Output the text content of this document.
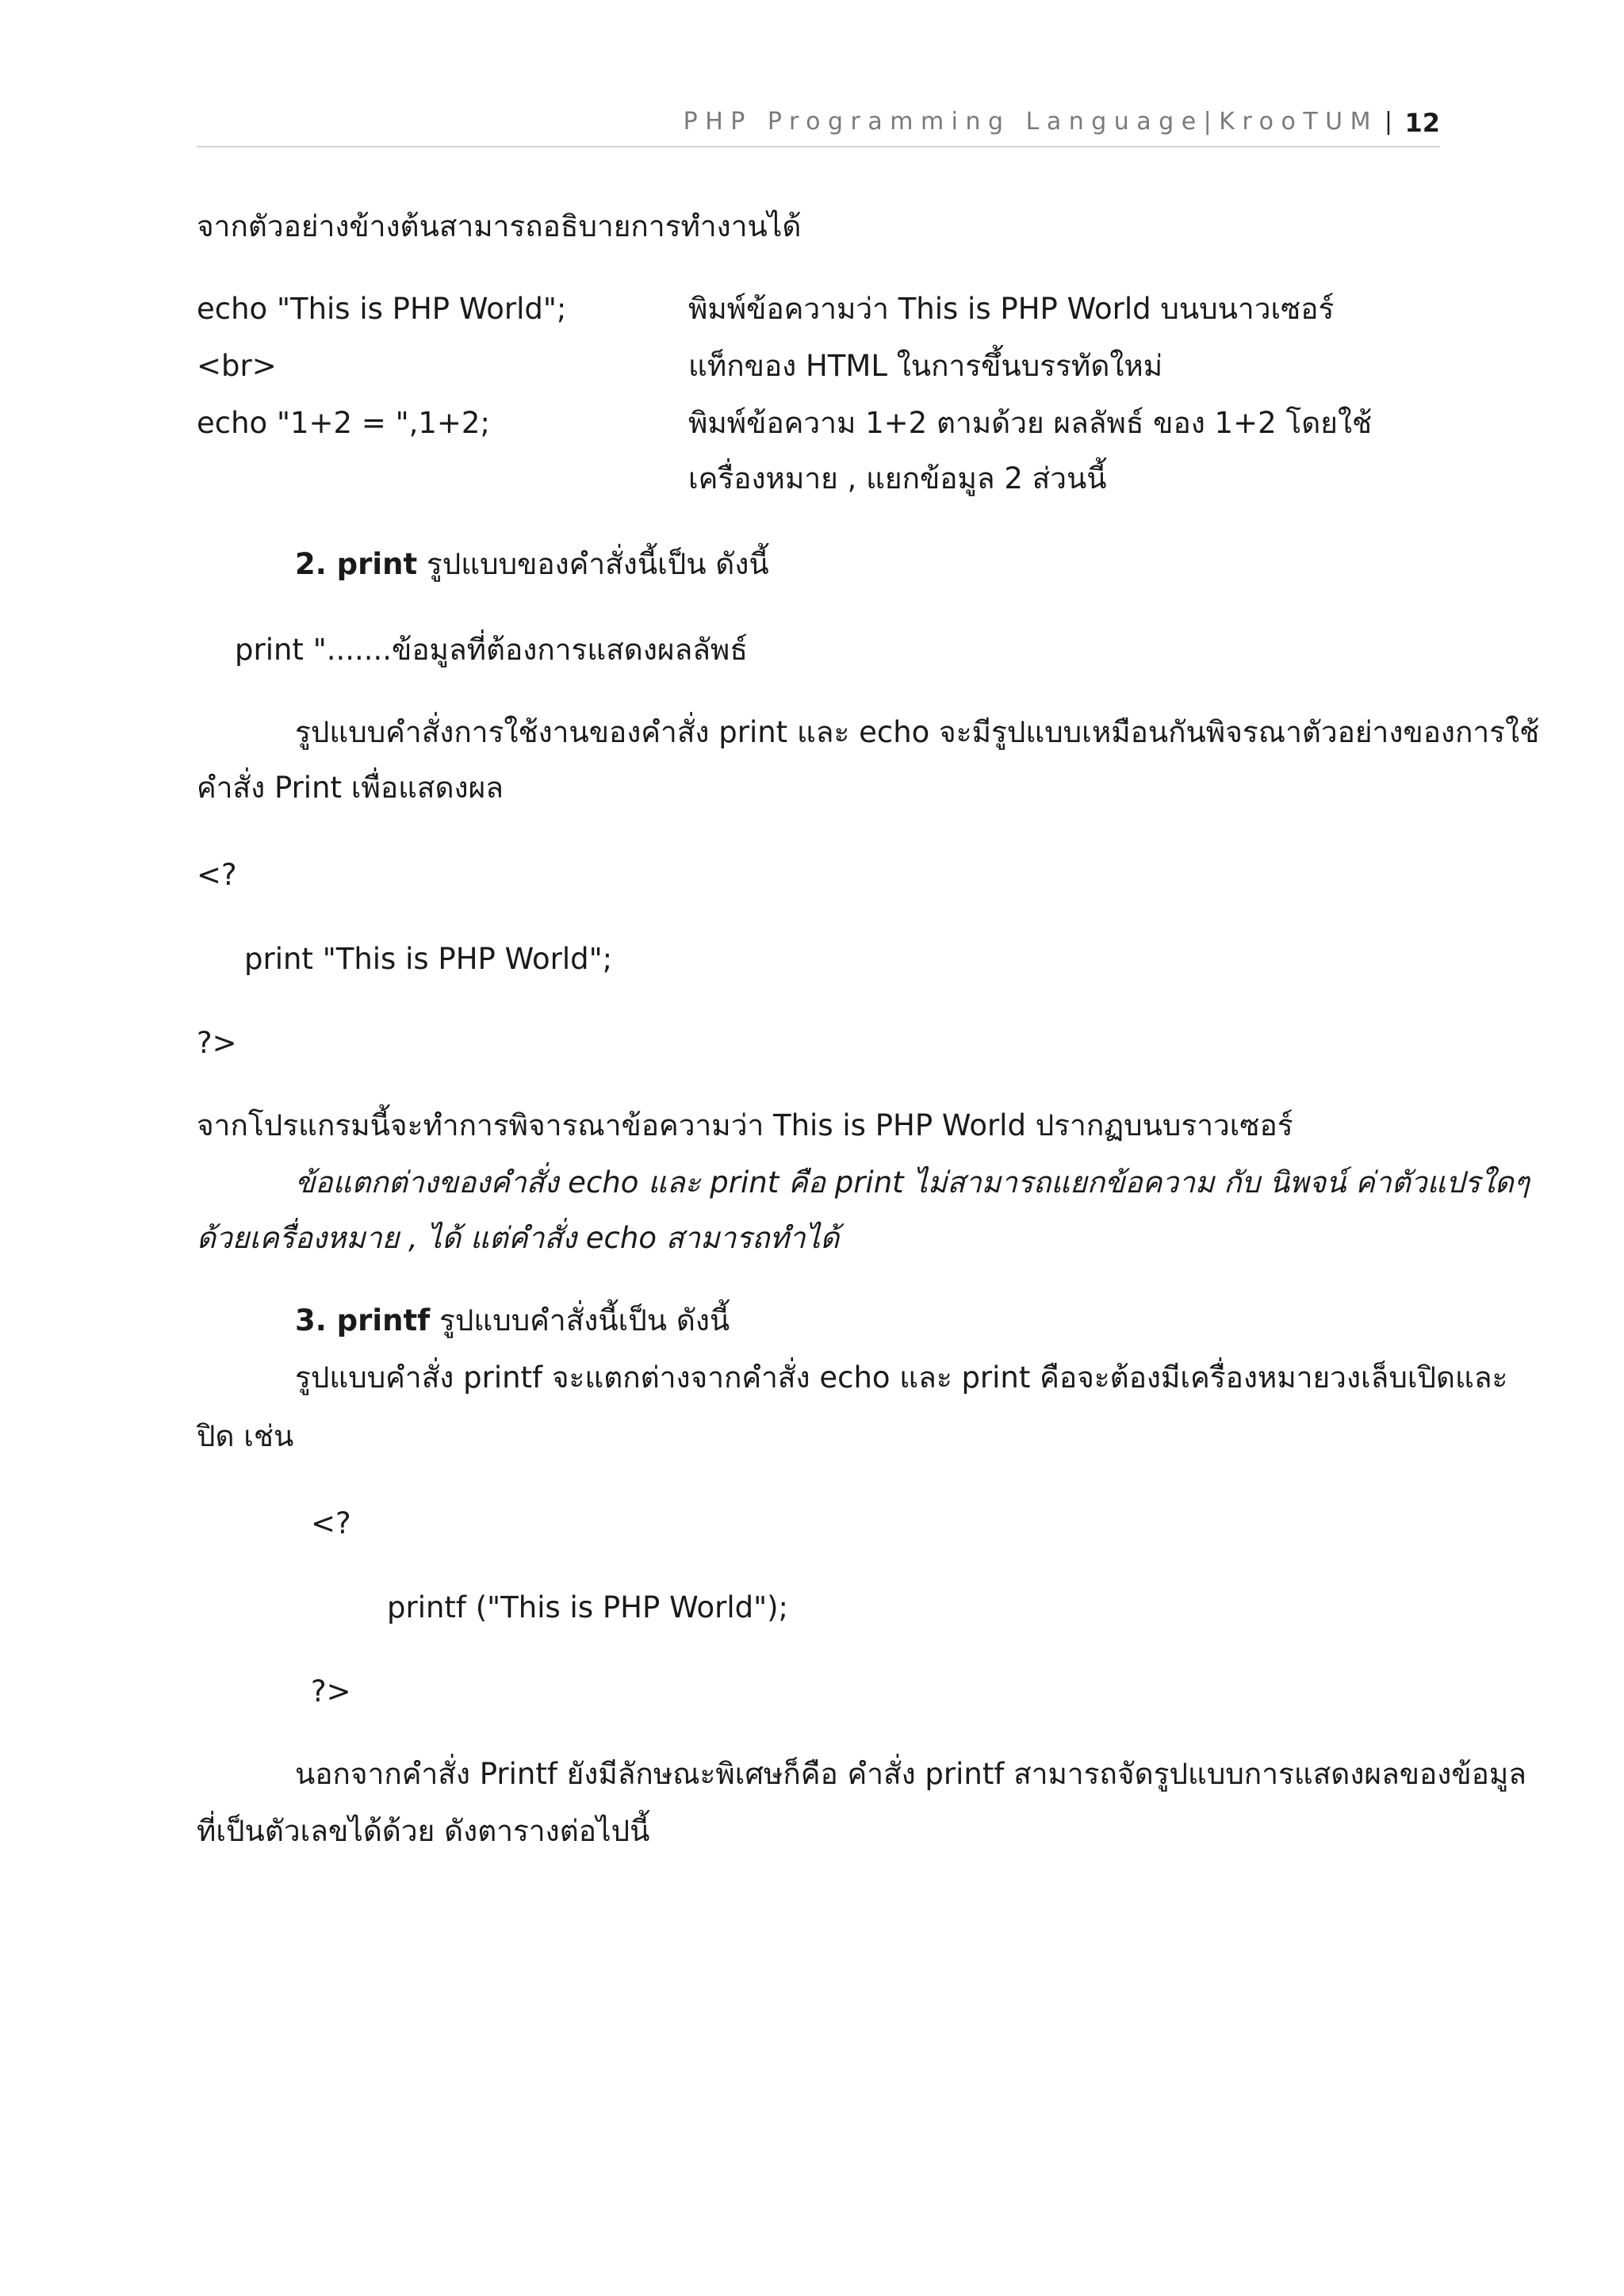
PHP Programming Language|KrooTUM | 12
จากตัวอย่างข้างต้นสามารถอธิบายการทำงานได้
echo "This is PHP World";	พิมพ์ข้อความว่า This is PHP World บนบนาวเซอร์
<br>	แท็กของ HTML ในการขึ้นบรรทัดใหม่
echo "1+2 = ",1+2;	พิมพ์ข้อความ 1+2 ตามด้วย ผลลัพธ์ ของ 1+2 โดยใช้
เครื่องหมาย , แยกข้อมูล 2 ส่วนนี้
2. print รูปแบบของคำสั่งนี้เป็น ดังนี้
print ".......ข้อมูลที่ต้องการแสดงผลลัพธ์
รูปแบบคำสั่งการใช้งานของคำสั่ง print และ echo จะมีรูปแบบเหมือนกันพิจรณาตัวอย่างของการใช้
คำสั่ง Print เพื่อแสดงผล
<?
print "This is PHP World";
?>
จากโปรแกรมนี้จะทำการพิจารณาข้อความว่า This is PHP World ปรากฏบนบราวเซอร์
ข้อแตกต่างของคำสั่ง echo และ print คือ print ไม่สามารถแยกข้อความ กับ นิพจน์ ค่าตัวแปรใดๆ
ด้วยเครื่องหมาย , ได้ แต่คำสั่ง echo สามารถทำได้
3. printf รูปแบบคำสั่งนี้เป็น ดังนี้
รูปแบบคำสั่ง printf จะแตกต่างจากคำสั่ง echo และ print คือจะต้องมีเครื่องหมายวงเล็บเปิดและ
ปิด เช่น
<?
printf ("This is PHP World");
?>
นอกจากคำสั่ง Printf ยังมีลักษณะพิเศษก็คือ คำสั่ง printf สามารถจัดรูปแบบการแสดงผลของข้อมูล
ที่เป็นตัวเลขได้ด้วย ดังตารางต่อไปนี้
